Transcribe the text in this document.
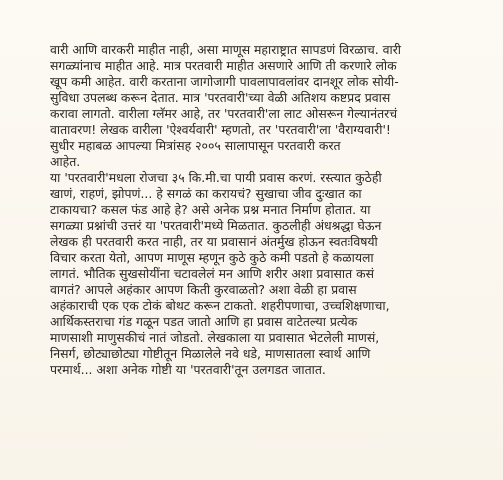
वारी आणि वारकरी माहीत नाही, असा माणूस महाराष्ट्रात सापडणं विरळाच. वारी
सगळ्यांनाच माहीत आहे. मात्र परतवारी माहीत असणारे आणि ती करणारे लोक
खूप कमी आहेत. वारी करताना जागोजागी पावलापावलांवर दानशूर लोक सोयी-
सुविधा उपलब्ध करून देतात. मात्र 'परतवारी'च्या वेळी अतिशय कष्टप्रद प्रवास
करावा लागतो. वारीला ग्लॅमर आहे, तर 'परतवारी'ला लाट ओसरून गेल्यानंतरचं
वातावरण! लेखक वारीला 'ऐश्वर्यवारी' म्हणतो, तर 'परतवारी'ला 'वैराग्यवारी'!
सुधीर महाबळ आपल्या मित्रांसह २००५ सालापासून परतवारी करत
आहेत.
या 'परतवारी'मधला रोजचा ३५ कि.मी.चा पायी प्रवास करणं. रस्त्यात कुठेही
खाणं, राहणं, झोपणं... हे सगळं का करायचं? सुखाचा जीव दुःखात का
टाकायचा? कसल फंड आहे हे? असे अनेक प्रश्न मनात निर्माण होतात. या
सगळ्या प्रश्नांची उत्तरं या 'परतवारी'मध्ये मिळतात. कुठलीही अंधश्रद्धा घेऊन
लेखक ही परतवारी करत नाही, तर या प्रवासानं अंतर्मुख होऊन स्वतःविषयी
विचार करता येतो, आपण माणूस म्हणून कुठे कुठे कमी पडतो हे कळायला
लागतं. भौतिक सुखसोयींना चटावलेलं मन आणि शरीर अशा प्रवासात कसं
वागतं? आपले अहंकार आपण किती कुरवाळतो? अशा वेळी हा प्रवास
अहंकाराची एक एक टोकं बोथट करून टाकतो. शहरीपणाचा, उच्चशिक्षणाचा,
आर्थिकस्तराचा गंड गळून पडत जातो आणि हा प्रवास वाटेतल्या प्रत्येक
माणसाशी माणुसकीचं नातं जोडतो. लेखकाला या प्रवासात भेटलेली माणसं,
निसर्ग, छोट्याछोट्या गोष्टीतून मिळालेले नवे धडे, माणसातला स्वार्थ आणि
परमार्थ... अशा अनेक गोष्टी या 'परतवारी'तून उलगडत जातात.
